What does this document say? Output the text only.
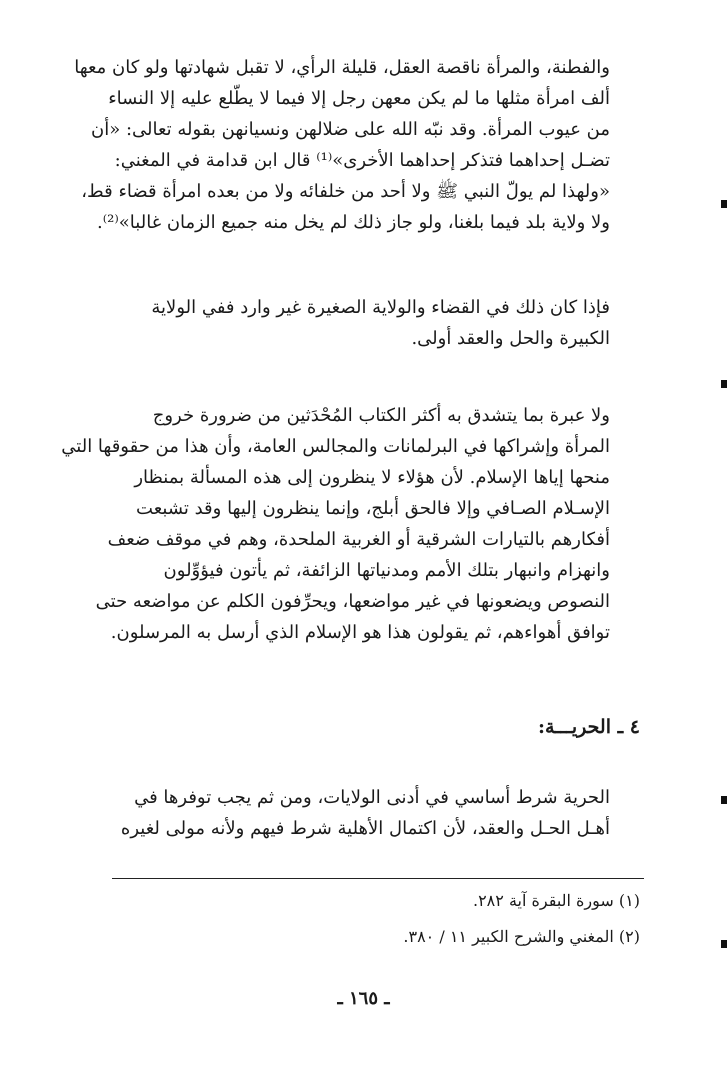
والفطنة، والمرأة ناقصة العقل، قليلة الرأي، لا تقبل شهادتها ولو كان معها
ألف امرأة مثلها ما لم يكن معهن رجل إلا فيما لا يطّلع عليه إلا النساء
من عيوب المرأة. وقد نبّه الله على ضلالهن ونسيانهن بقوله تعالى: «أن
تضـل إحداهما فتذكر إحداهما الأخرى»⁽¹⁾ قال ابن قدامة في المغني:
«ولهذا لم يولّ النبي ﷺ ولا أحد من خلفائه ولا من بعده امرأة قضاء قط،
ولا ولاية بلد فيما بلغنا، ولو جاز ذلك لم يخل منه جميع الزمان غالبا»⁽²⁾.
فإذا كان ذلك في القضاء والولاية الصغيرة غير وارد ففي الولاية
الكبيرة والحل والعقد أولى.
ولا عبرة بما يتشدق به أكثر الكتاب المُحْدَثين من ضرورة خروج
المرأة وإشراكها في البرلمانات والمجالس العامة، وأن هذا من حقوقها التي
منحها إياها الإسلام. لأن هؤلاء لا ينظرون إلى هذه المسألة بمنظار
الإسـلام الصـافي وإلا فالحق أبلج، وإنما ينظرون إليها وقد تشبعت
أفكارهم بالتيارات الشرقية أو الغربية الملحدة، وهم في موقف ضعف
وانهزام وانبهار بتلك الأمم ومدنياتها الزائفة، ثم يأتون فيؤوِّلون
النصوص ويضعونها في غير مواضعها، ويحرِّفون الكلم عن مواضعه حتى
توافق أهواءهم، ثم يقولون هذا هو الإسلام الذي أرسل به المرسلون.
٤ ـ الحريـــة:
الحرية شرط أساسي في أدنى الولايات، ومن ثم يجب توفرها في
أهـل الحـل والعقد، لأن اكتمال الأهلية شرط فيهم ولأنه مولى لغيره
(١) سورة البقرة آية ٢٨٢.
(٢) المغني والشرح الكبير ١١ / ٣٨٠.
ـ ١٦٥ ـ
